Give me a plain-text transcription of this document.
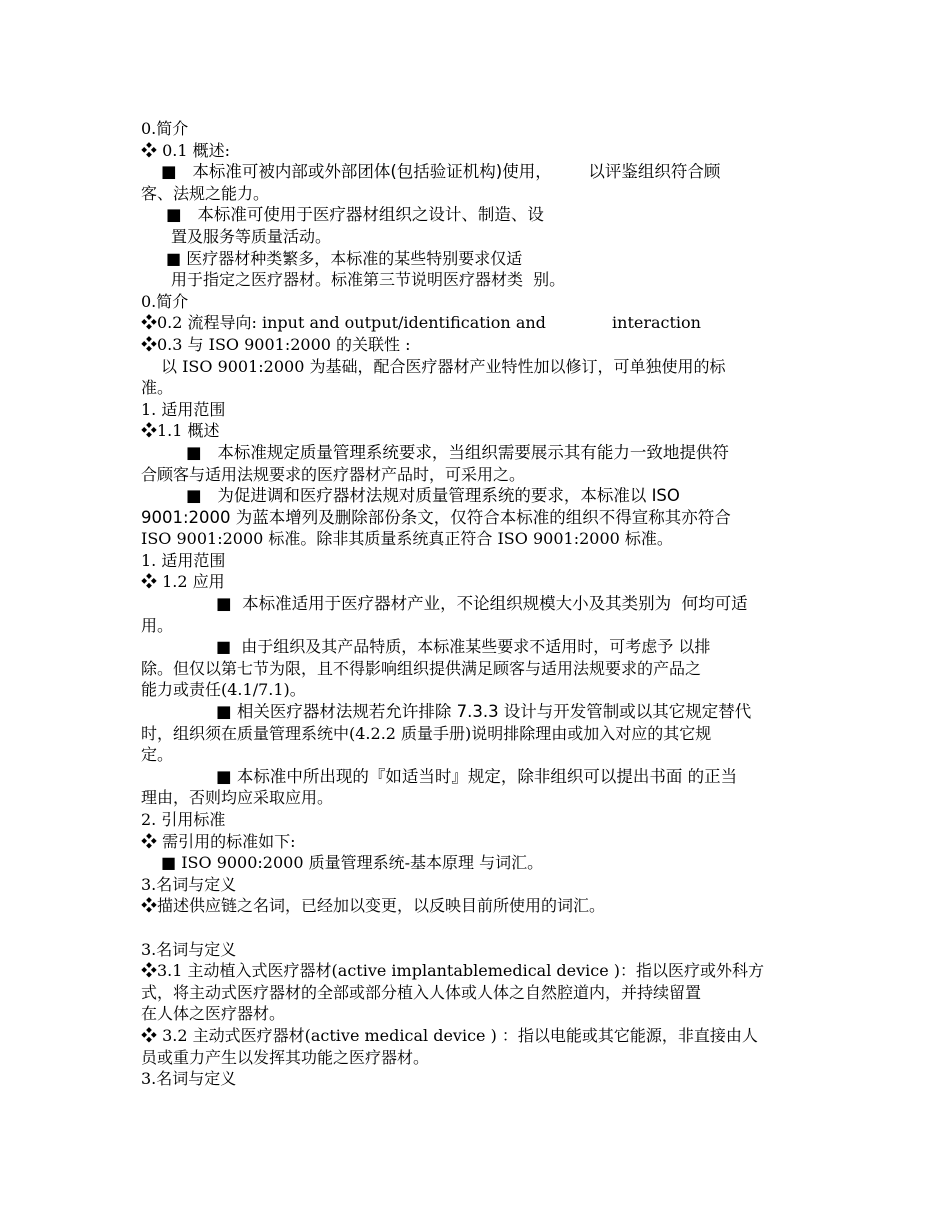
0.简介
❖ 0.1 概述:
■   本标准可被内部或外部团体(包括验证机构)使用，       以评鉴组织符合顾
客、法规之能力。
■   本标准可使用于医疗器材组织之设计、制造、设
置及服务等质量活动。
■ 医疗器材种类繁多，本标准的某些特别要求仅适
用于指定之医疗器材。标准第三节说明医疗器材类  别。
0.简介
❖0.2 流程导向: input and output/identification and             interaction
❖0.3 与 ISO 9001:2000 的关联性 :
以 ISO 9001:2000 为基础，配合医疗器材产业特性加以修订，可单独使用的标
准。
1. 适用范围
❖1.1 概述
■   本标准规定质量管理系统要求，当组织需要展示其有能力一致地提供符
合顾客与适用法规要求的医疗器材产品时，可采用之。
■   为促进调和医疗器材法规对质量管理系统的要求，本标准以 ISO
9001:2000 为蓝本增列及删除部份条文，仅符合本标准的组织不得宣称其亦符合
ISO 9001:2000 标准。除非其质量系统真正符合 ISO 9001:2000 标准。
1. 适用范围
❖ 1.2 应用
■  本标准适用于医疗器材产业，不论组织规模大小及其类别为  何均可适
用。
■  由于组织及其产品特质，本标准某些要求不适用时，可考虑予 以排
除。但仅以第七节为限，且不得影响组织提供满足顾客与适用法规要求的产品之
能力或责任(4.1/7.1)。
■ 相关医疗器材法规若允许排除 7.3.3 设计与开发管制或以其它规定替代
时，组织须在质量管理系统中(4.2.2 质量手册)说明排除理由或加入对应的其它规
定。
■ 本标准中所出现的『如适当时』规定，除非组织可以提出书面 的正当
理由，否则均应采取应用。
2. 引用标准
❖ 需引用的标准如下:
■ ISO 9000:2000 质量管理系统-基本原理 与词汇。
3.名词与定义
❖描述供应链之名词，已经加以变更，以反映目前所使用的词汇。
3.名词与定义
❖3.1 主动植入式医疗器材(active implantablemedical device )：指以医疗或外科方
式，将主动式医疗器材的全部或部分植入人体或人体之自然腔道内，并持续留置
在人体之医疗器材。
❖ 3.2 主动式医疗器材(active medical device ) ：指以电能或其它能源，非直接由人
员或重力产生以发挥其功能之医疗器材。
3.名词与定义
